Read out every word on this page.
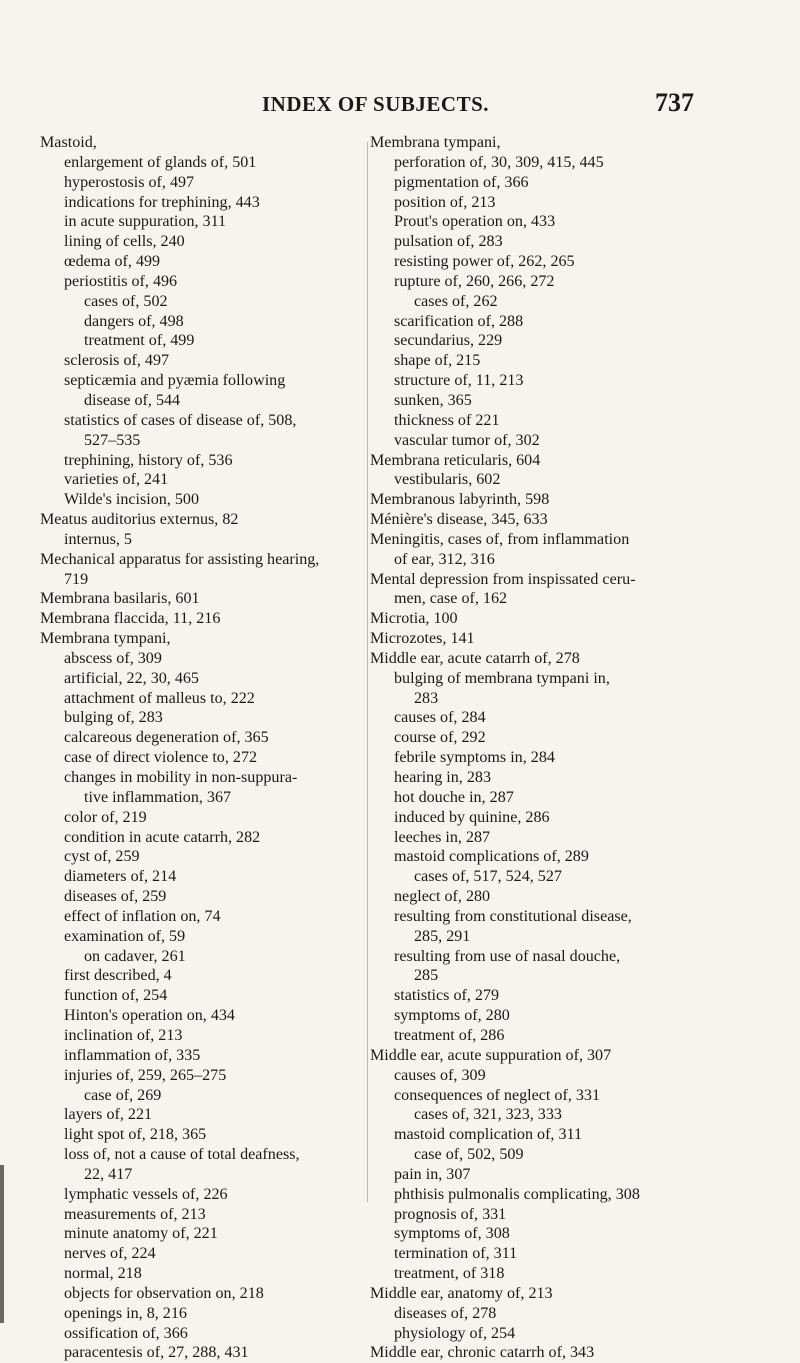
INDEX OF SUBJECTS.	737
Mastoid,
enlargement of glands of, 501
hyperostosis of, 497
indications for trephining, 443
in acute suppuration, 311
lining of cells, 240
œdema of, 499
periostitis of, 496
cases of, 502
dangers of, 498
treatment of, 499
sclerosis of, 497
septicæmia and pyæmia following
disease of, 544
statistics of cases of disease of, 508,
527–535
trephining, history of, 536
varieties of, 241
Wilde's incision, 500
Meatus auditorius externus, 82
internus, 5
Mechanical apparatus for assisting hearing,
719
Membrana basilaris, 601
Membrana flaccida, 11, 216
Membrana tympani,
abscess of, 309
artificial, 22, 30, 465
attachment of malleus to, 222
bulging of, 283
calcareous degeneration of, 365
case of direct violence to, 272
changes in mobility in non-suppura-
tive inflammation, 367
color of, 219
condition in acute catarrh, 282
cyst of, 259
diameters of, 214
diseases of, 259
effect of inflation on, 74
examination of, 59
on cadaver, 261
first described, 4
function of, 254
Hinton's operation on, 434
inclination of, 213
inflammation of, 335
injuries of, 259, 265–275
case of, 269
layers of, 221
light spot of, 218, 365
loss of, not a cause of total deafness,
22, 417
lymphatic vessels of, 226
measurements of, 213
minute anatomy of, 221
nerves of, 224
normal, 218
objects for observation on, 218
openings in, 8, 216
ossification of, 366
paracentesis of, 27, 288, 431
Membrana tympani,
perforation of, 30, 309, 415, 445
pigmentation of, 366
position of, 213
Prout's operation on, 433
pulsation of, 283
resisting power of, 262, 265
rupture of, 260, 266, 272
cases of, 262
scarification of, 288
secundarius, 229
shape of, 215
structure of, 11, 213
sunken, 365
thickness of 221
vascular tumor of, 302
Membrana reticularis, 604
vestibularis, 602
Membranous labyrinth, 598
Ménière's disease, 345, 633
Meningitis, cases of, from inflammation
of ear, 312, 316
Mental depression from inspissated ceru-
men, case of, 162
Microtia, 100
Microzotes, 141
Middle ear, acute catarrh of, 278
bulging of membrana tympani in,
283
causes of, 284
course of, 292
febrile symptoms in, 284
hearing in, 283
hot douche in, 287
induced by quinine, 286
leeches in, 287
mastoid complications of, 289
cases of, 517, 524, 527
neglect of, 280
resulting from constitutional disease,
285, 291
resulting from use of nasal douche,
285
statistics of, 279
symptoms of, 280
treatment of, 286
Middle ear, acute suppuration of, 307
causes of, 309
consequences of neglect of, 331
cases of, 321, 323, 333
mastoid complication of, 311
case of, 502, 509
pain in, 307
phthisis pulmonalis complicating, 308
prognosis of, 331
symptoms of, 308
termination of, 311
treatment, of 318
Middle ear, anatomy of, 213
diseases of, 278
physiology of, 254
Middle ear, chronic catarrh of, 343
